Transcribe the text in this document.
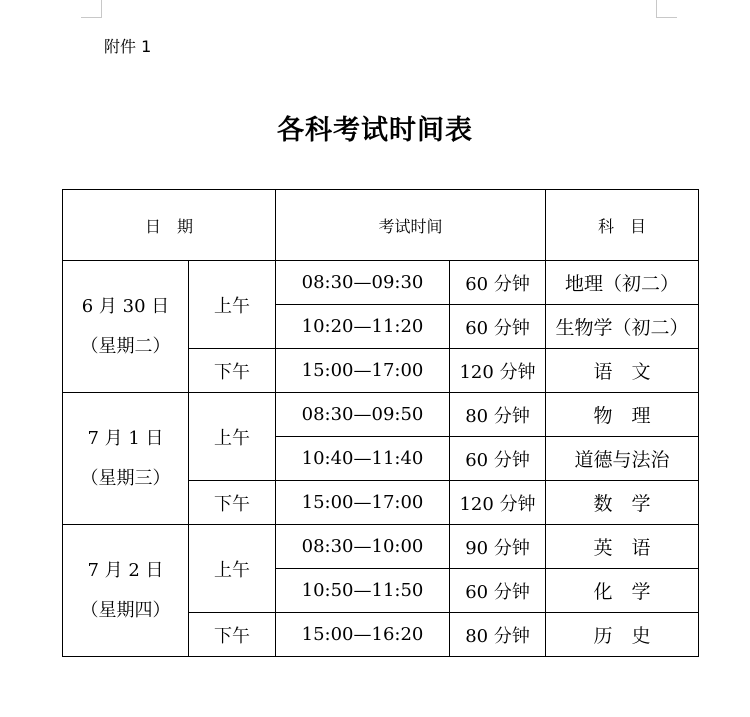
附件 1
各科考试时间表
日　期		考试时间		科　目

6 月 30 日
（星期二）	上午	08:30—09:30	60 分钟	地理（初二）
		10:20—11:20	60 分钟	生物学（初二）
	下午	15:00—17:00	120 分钟	语　文

7 月 1 日
（星期三）	上午	08:30—09:50	80 分钟	物　理
		10:40—11:40	60 分钟	道德与法治
	下午	15:00—17:00	120 分钟	数　学

7 月 2 日
（星期四）	上午	08:30—10:00	90 分钟	英　语
		10:50—11:50	60 分钟	化　学
	下午	15:00—16:20	80 分钟	历　史
